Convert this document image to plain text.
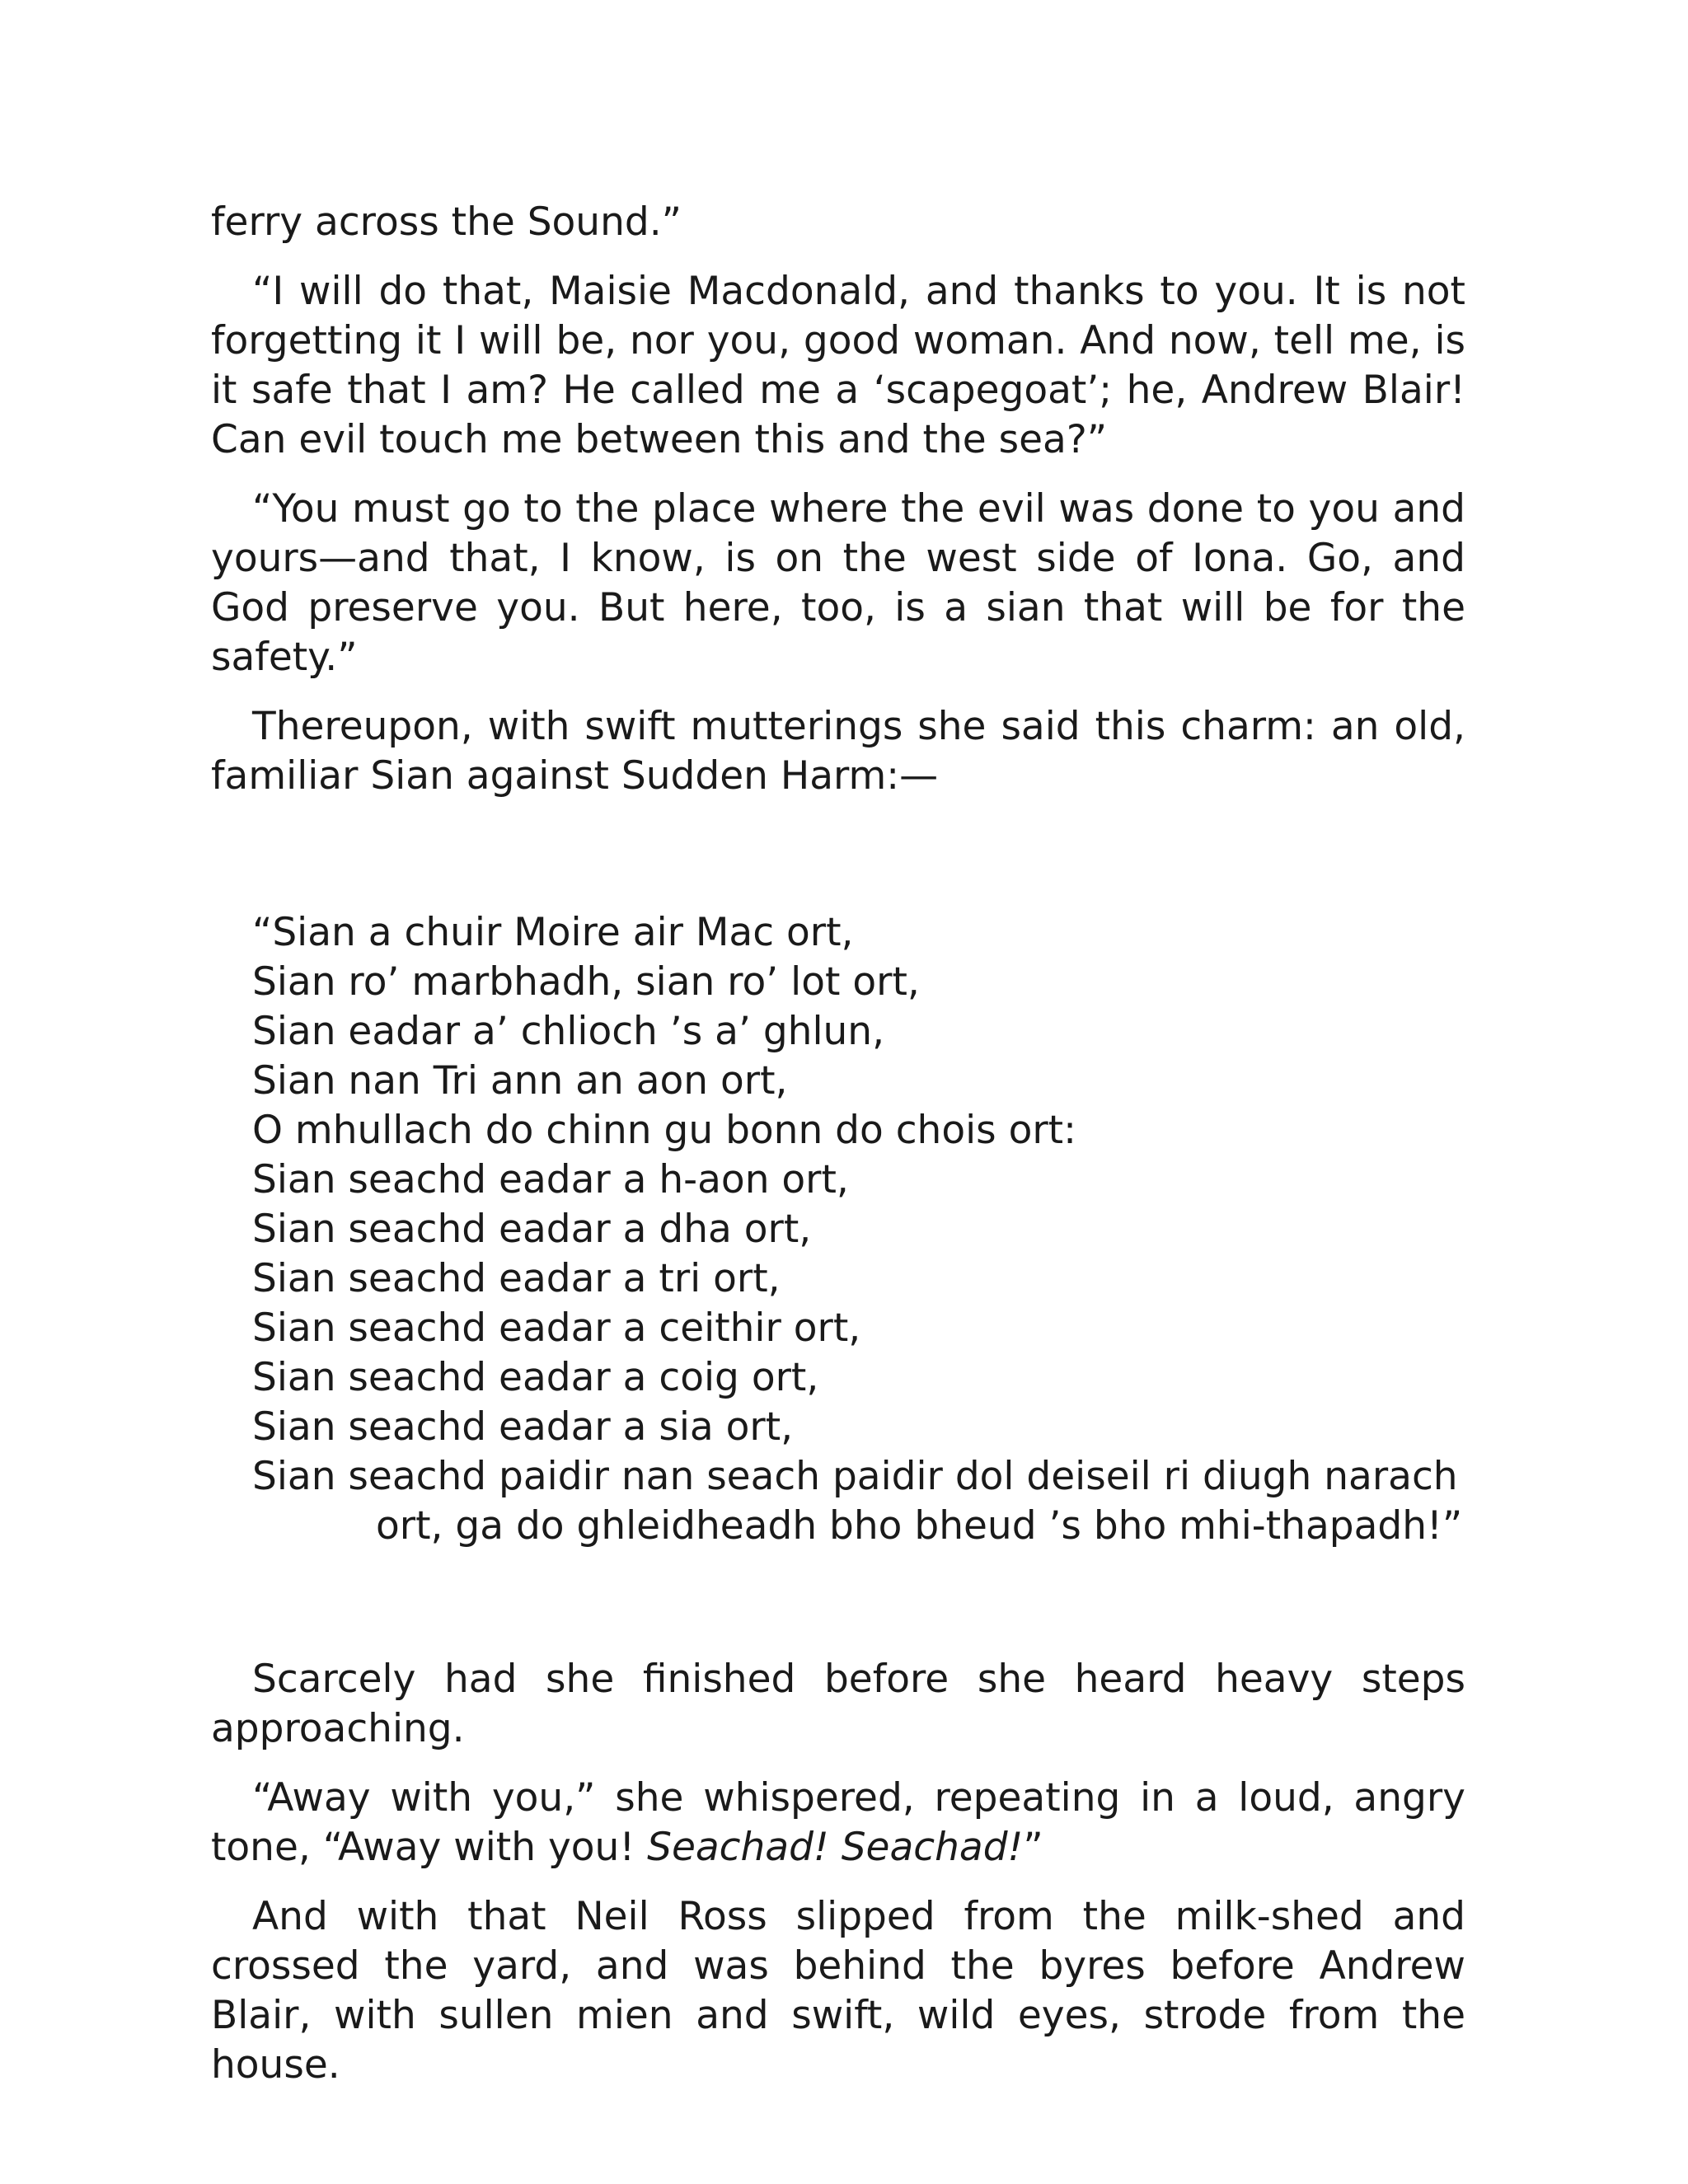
ferry across the Sound.”

“I will do that, Maisie Macdonald, and thanks to you. It is not forgetting it I will be, nor you, good woman. And now, tell me, is it safe that I am? He called me a ‘scapegoat’; he, Andrew Blair! Can evil touch me between this and the sea?”

“You must go to the place where the evil was done to you and yours—and that, I know, is on the west side of Iona. Go, and God preserve you. But here, too, is a sian that will be for the safety.”

Thereupon, with swift mutterings she said this charm: an old, familiar Sian against Sudden Harm:—

“Sian a chuir Moire air Mac ort,
Sian ro’ marbhadh, sian ro’ lot ort,
Sian eadar a’ chlioch ’s a’ ghlun,
Sian nan Tri ann an aon ort,
O mhullach do chinn gu bonn do chois ort:
Sian seachd eadar a h-aon ort,
Sian seachd eadar a dha ort,
Sian seachd eadar a tri ort,
Sian seachd eadar a ceithir ort,
Sian seachd eadar a coig ort,
Sian seachd eadar a sia ort,
Sian seachd paidir nan seach paidir dol deiseil ri diugh narach
ort, ga do ghleidheadh bho bheud ’s bho mhi-thapadh!”

Scarcely had she finished before she heard heavy steps approaching.

“Away with you,” she whispered, repeating in a loud, angry tone, “Away with you! Seachad! Seachad!”

And with that Neil Ross slipped from the milk-shed and crossed the yard, and was behind the byres before Andrew Blair, with sullen mien and swift, wild eyes, strode from the house.
